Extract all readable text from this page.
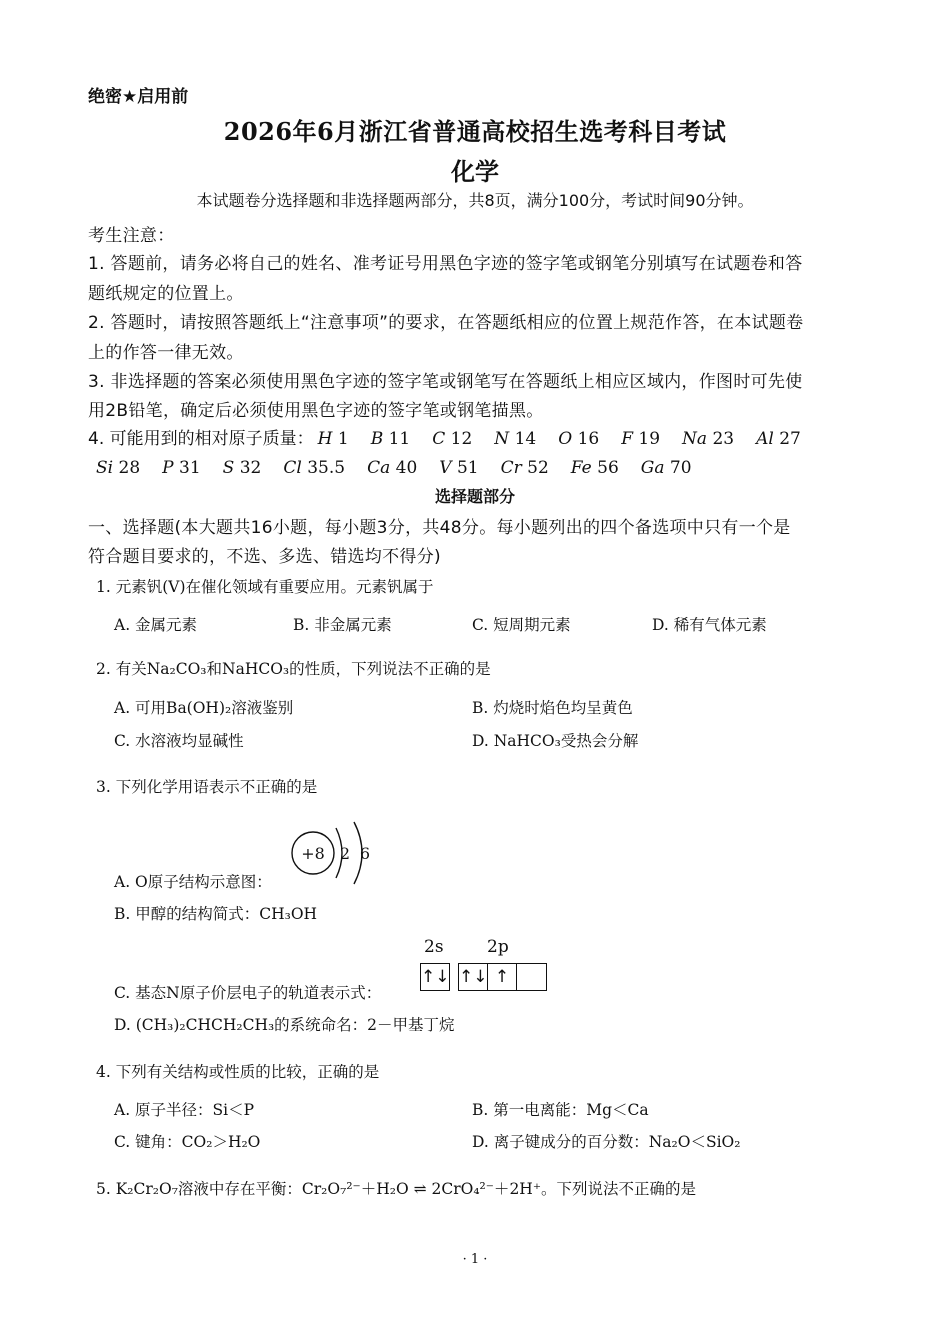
绝密★启用前
2026年6月浙江省普通高校招生选考科目考试
化学
本试题卷分选择题和非选择题两部分，共8页，满分100分，考试时间90分钟。
考生注意：
1. 答题前，请务必将自己的姓名、准考证号用黑色字迹的签字笔或钢笔分别填写在试题卷和答
题纸规定的位置上。
2. 答题时，请按照答题纸上“注意事项”的要求，在答题纸相应的位置上规范作答，在本试题卷
上的作答一律无效。
3. 非选择题的答案必须使用黑色字迹的签字笔或钢笔写在答题纸上相应区域内，作图时可先使
用2B铅笔，确定后必须使用黑色字迹的签字笔或钢笔描黑。
4. 可能用到的相对原子质量： H 1 B 11 C 12 N 14 O 16 F 19 Na 23 Al 27
Si 28 P 31 S 32 Cl 35.5 Ca 40 V 51 Cr 52 Fe 56 Ga 70
选择题部分
一、选择题(本大题共16小题，每小题3分，共48分。每小题列出的四个备选项中只有一个是
符合题目要求的，不选、多选、错选均不得分)
1. 元素钒(V)在催化领域有重要应用。元素钒属于
A. 金属元素	B. 非金属元素	C. 短周期元素	D. 稀有气体元素
2. 有关Na₂CO₃和NaHCO₃的性质，下列说法不正确的是
A. 可用Ba(OH)₂溶液鉴别	B. 灼烧时焰色均呈黄色
C. 水溶液均显碱性	D. NaHCO₃受热会分解
3. 下列化学用语表示不正确的是
A. O原子结构示意图：
+8 2 6
B. 甲醇的结构简式：CH₃OH
2s	2p
C. 基态N原子价层电子的轨道表示式：
↑↓ ↑↓ ↑
D. (CH₃)₂CHCH₂CH₃的系统命名：2－甲基丁烷
4. 下列有关结构或性质的比较，正确的是
A. 原子半径：Si＜P	B. 第一电离能：Mg＜Ca
C. 键角：CO₂＞H₂O	D. 离子键成分的百分数：Na₂O＜SiO₂
5. K₂Cr₂O₇溶液中存在平衡：Cr₂O₇²⁻＋H₂O ⇌ 2CrO₄²⁻＋2H⁺。下列说法不正确的是
· 1 ·
